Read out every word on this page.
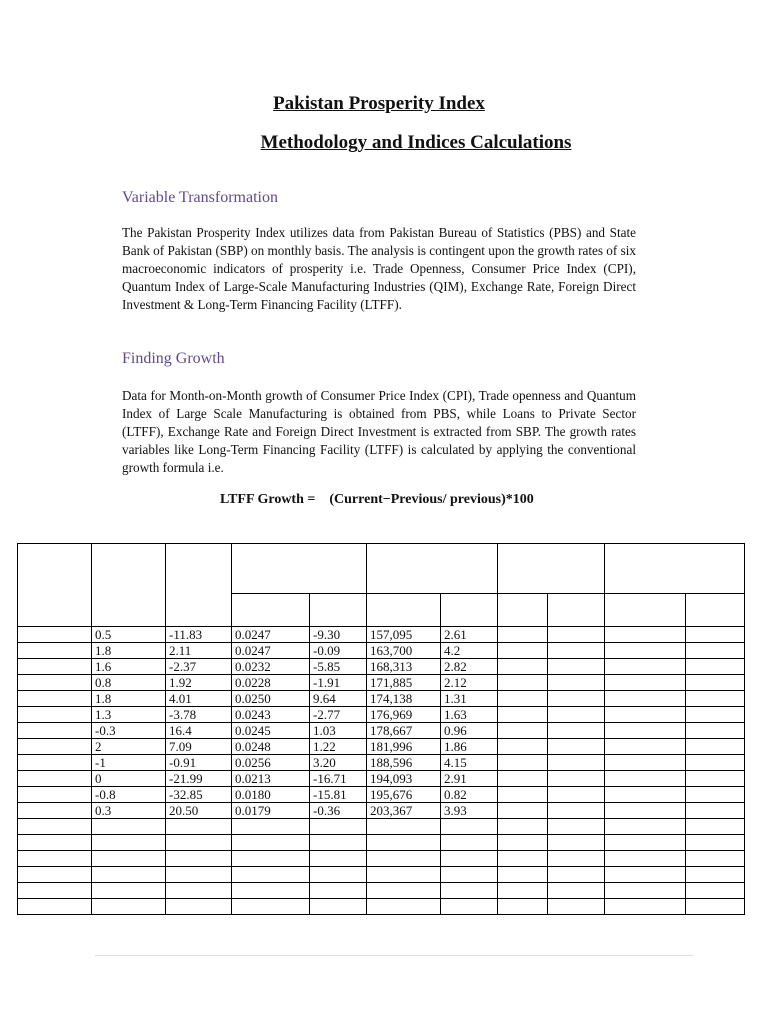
Pakistan Prosperity Index
Methodology and Indices Calculations
Variable Transformation
The Pakistan Prosperity Index utilizes data from Pakistan Bureau of Statistics (PBS) and State Bank of Pakistan (SBP) on monthly basis. The analysis is contingent upon the growth rates of six macroeconomic indicators of prosperity i.e. Trade Openness, Consumer Price Index (CPI), Quantum Index of Large-Scale Manufacturing Industries (QIM), Exchange Rate, Foreign Direct Investment & Long-Term Financing Facility (LTFF).
Finding Growth
Data for Month-on-Month growth of Consumer Price Index (CPI), Trade openness and Quantum Index of Large Scale Manufacturing is obtained from PBS, while Loans to Private Sector (LTFF), Exchange Rate and Foreign Direct Investment is extracted from SBP. The growth rates variables like Long-Term Financing Facility (LTFF) is calculated by applying the conventional growth formula i.e.
LTFF Growth = (Current−Previous/ previous)*100

	0.5	-11.83	0.0247	-9.30	157,095	2.61				
	1.8	2.11	0.0247	-0.09	163,700	4.2				
	1.6	-2.37	0.0232	-5.85	168,313	2.82				
	0.8	1.92	0.0228	-1.91	171,885	2.12				
	1.8	4.01	0.0250	9.64	174,138	1.31				
	1.3	-3.78	0.0243	-2.77	176,969	1.63				
	-0.3	16.4	0.0245	1.03	178,667	0.96				
	2	7.09	0.0248	1.22	181,996	1.86				
	-1	-0.91	0.0256	3.20	188,596	4.15				
	0	-21.99	0.0213	-16.71	194,093	2.91				
	-0.8	-32.85	0.0180	-15.81	195,676	0.82				
	0.3	20.50	0.0179	-0.36	203,367	3.93				
